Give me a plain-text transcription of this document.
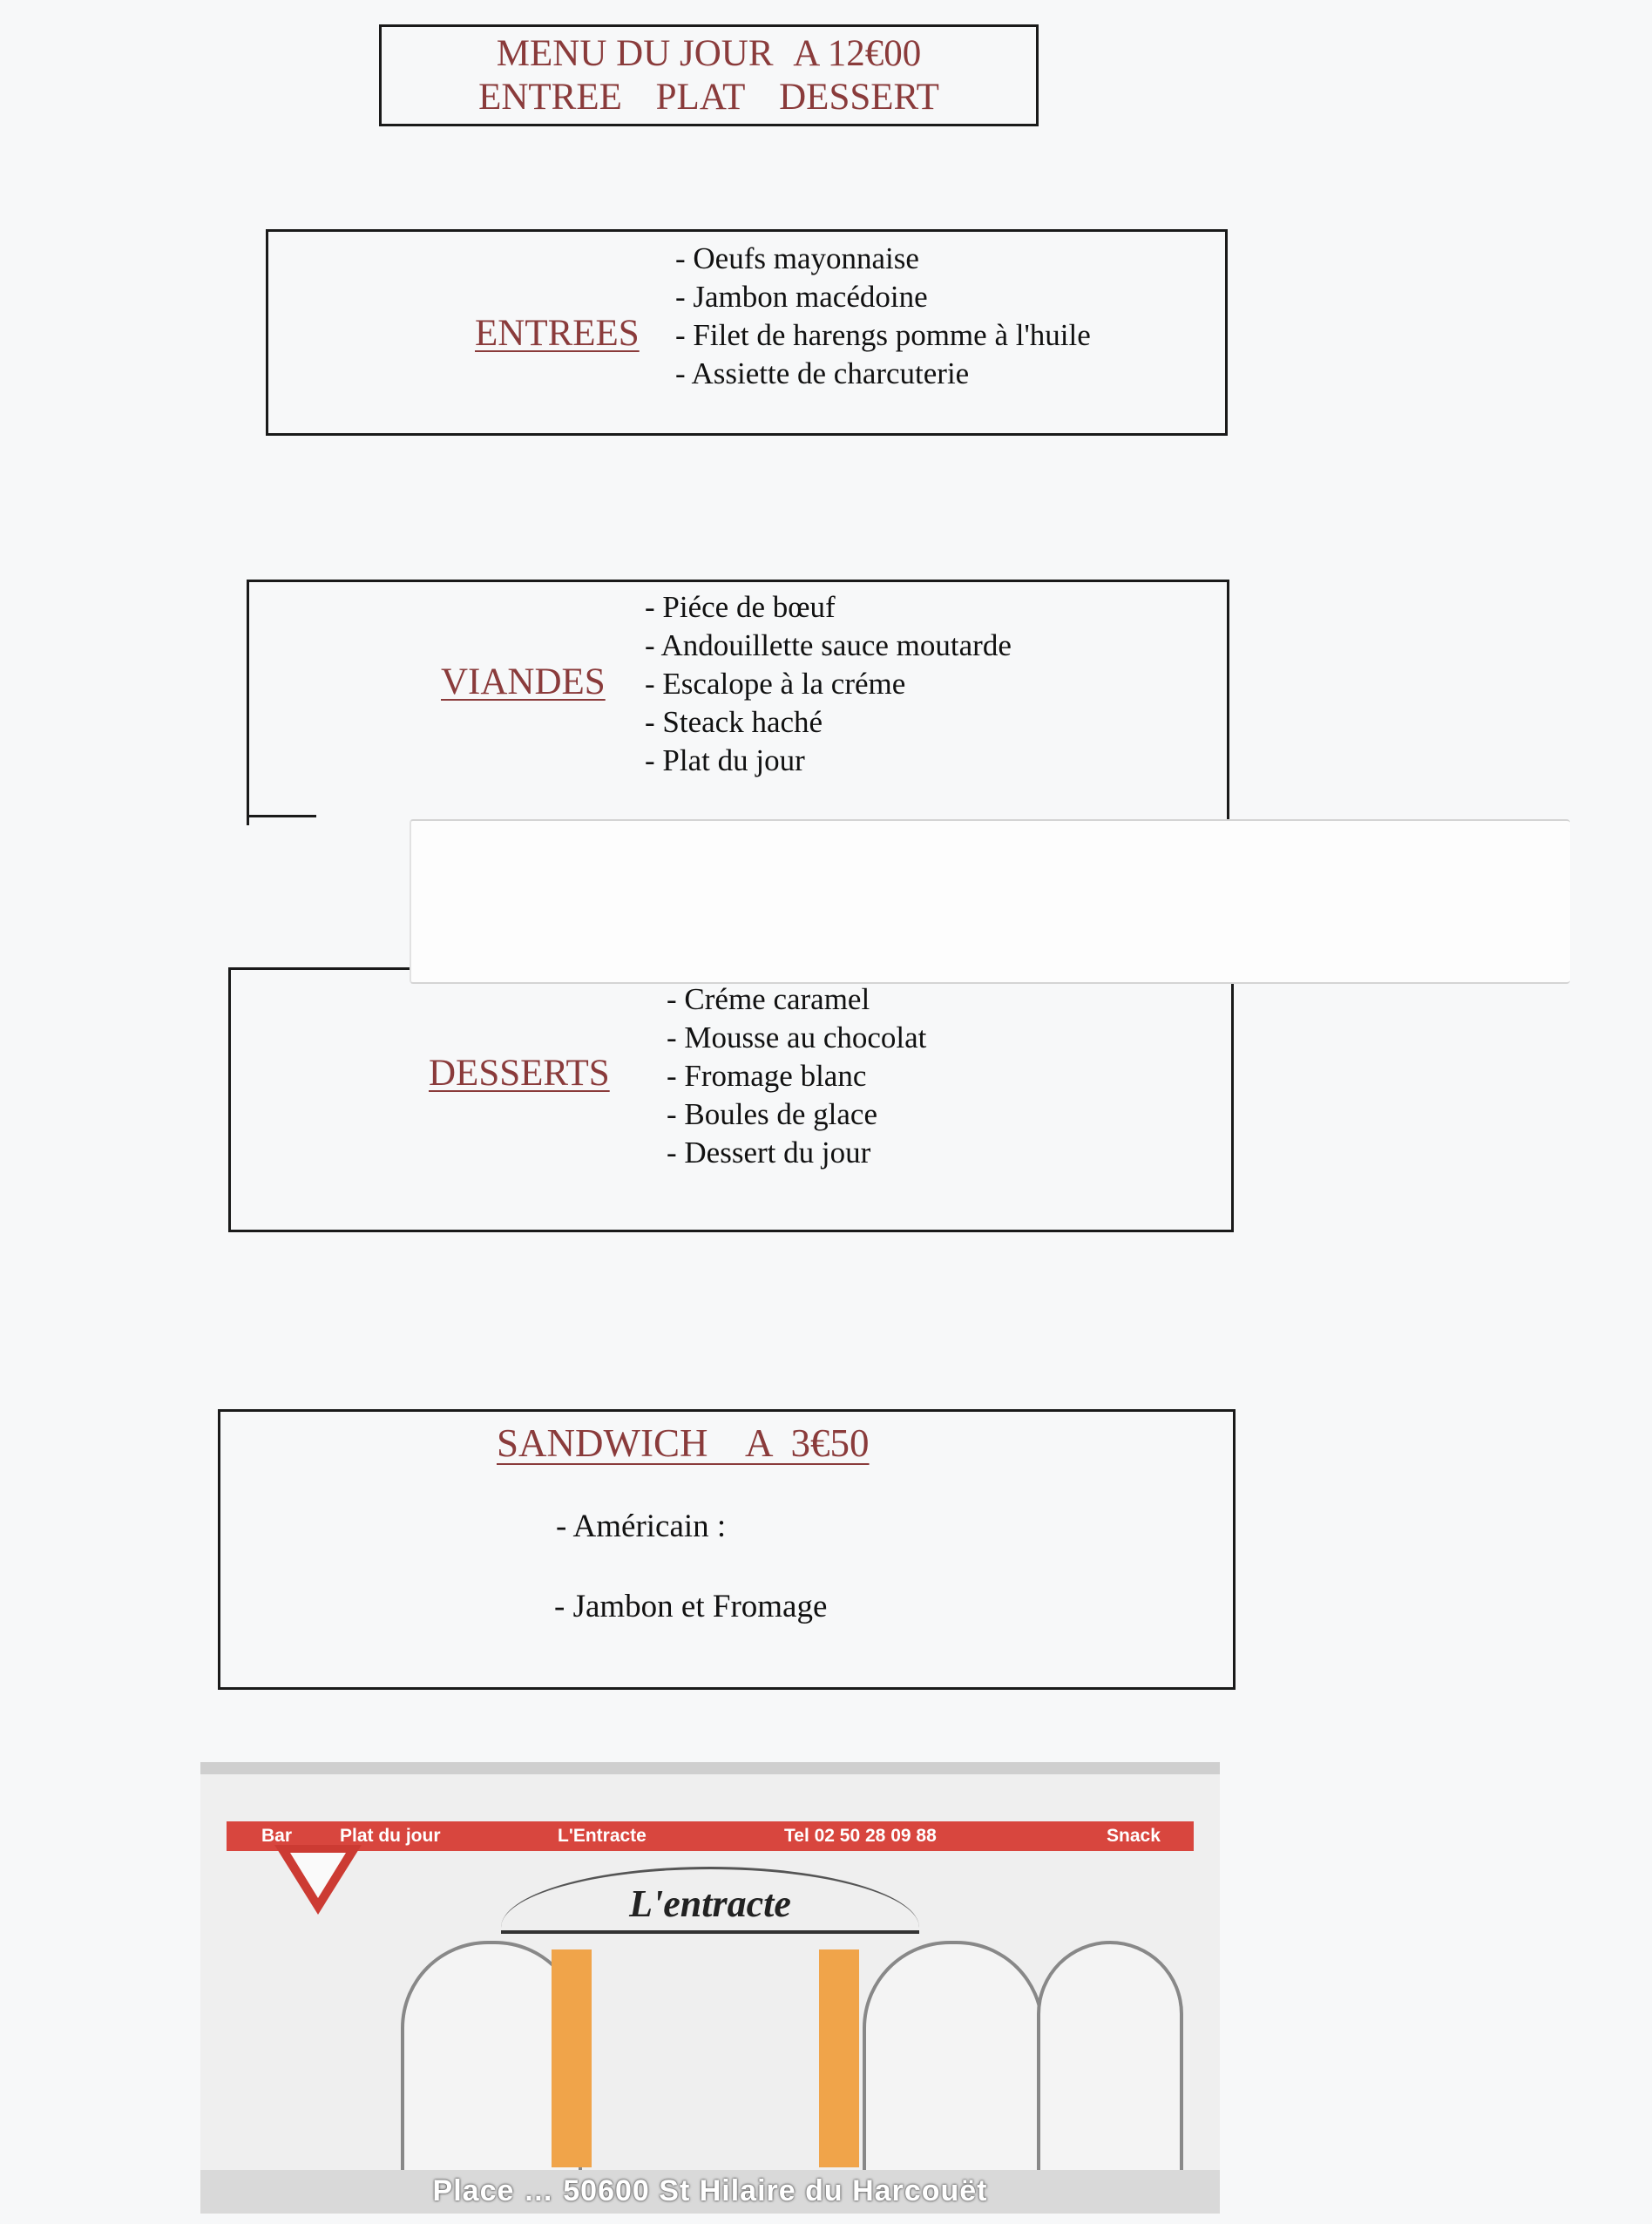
MENU DU JOUR A 12€00
ENTREE PLAT DESSERT
ENTREES
- Oeufs mayonnaise
- Jambon macédoine
- Filet de harengs pomme à l'huile
- Assiette de charcuterie
VIANDES
- Piéce de bœuf
- Andouillette sauce moutarde
- Escalope à la créme
- Steack haché
- Plat du jour
DESSERTS
- Créme caramel
- Mousse au chocolat
- Fromage blanc
- Boules de glace
- Dessert du jour
SANDWICH    A  3€50
- Américain :
- Jambon et Fromage
Bar	Plat du jour	L'Entracte	Tel 02 50 28 09 88	Snack
L'entracte
Place … 50600 St Hilaire du Harcouët
